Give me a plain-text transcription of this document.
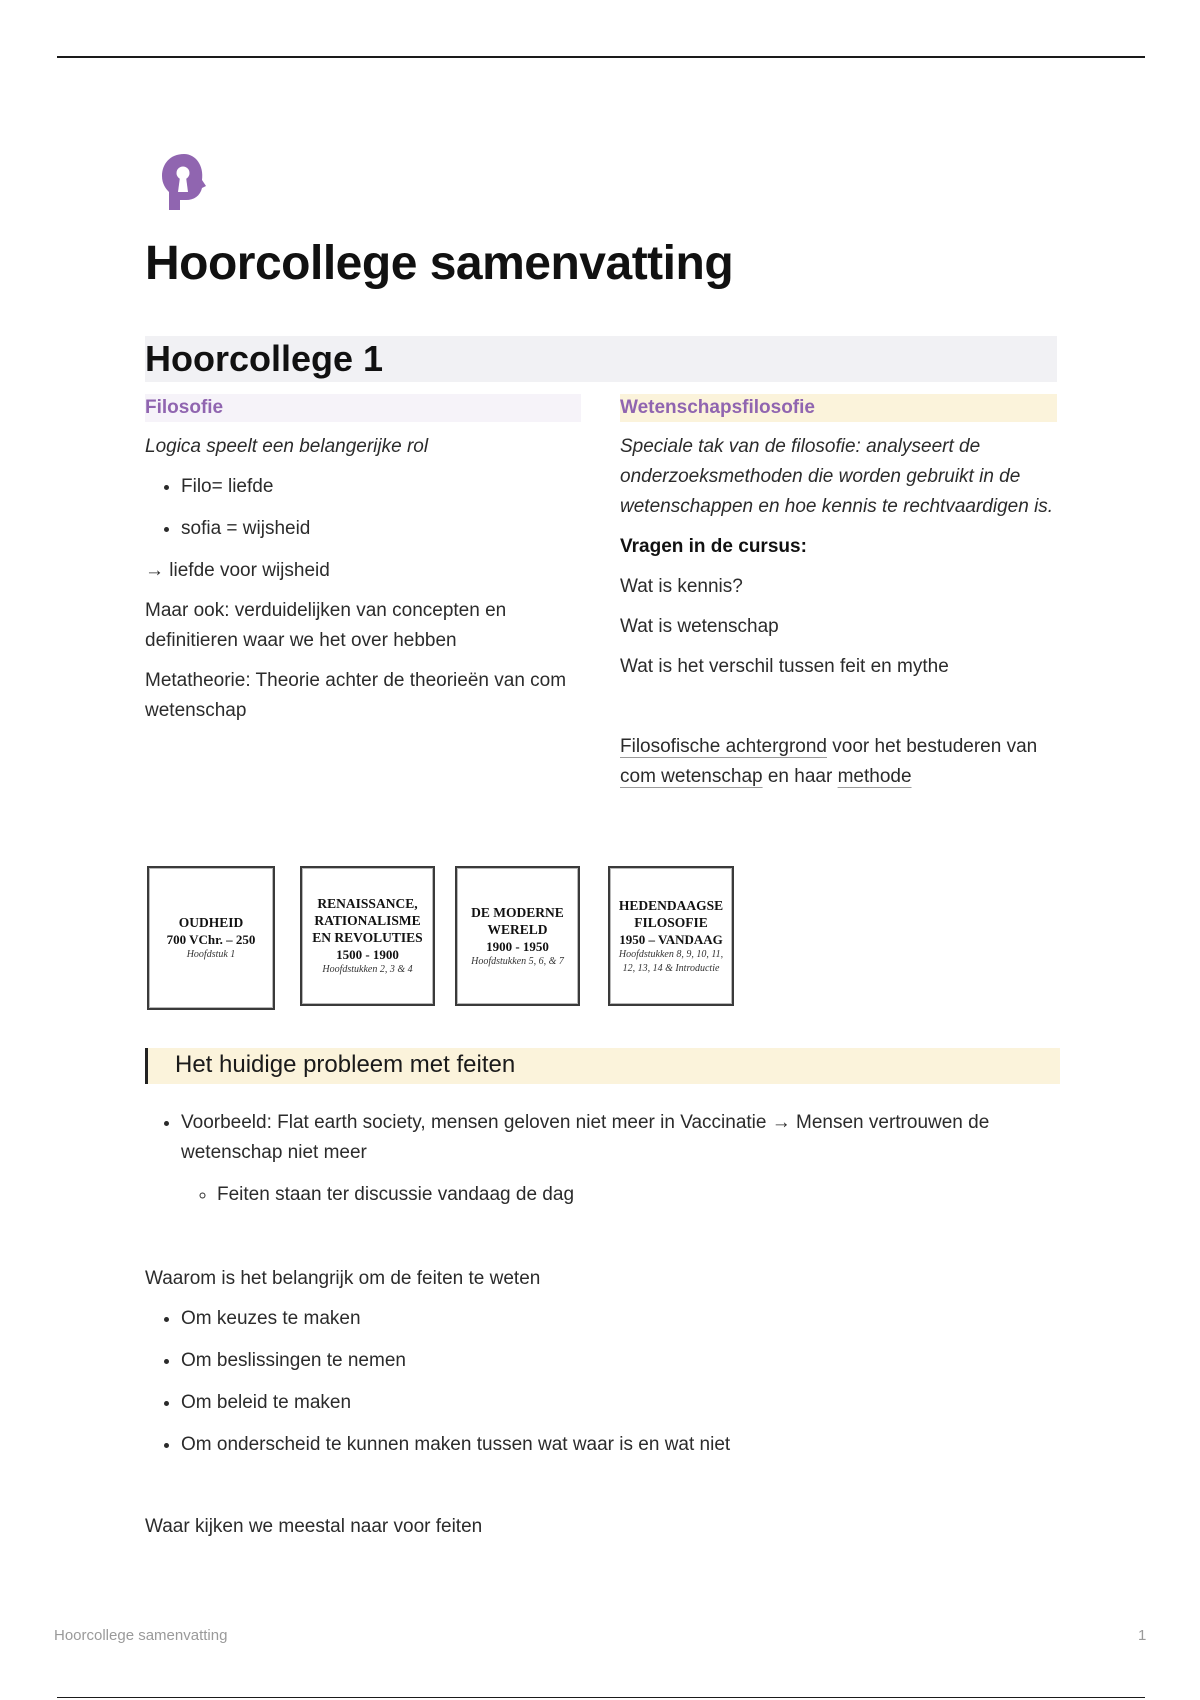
Hoorcollege samenvatting
Hoorcollege 1
Filosofie

Logica speelt een belangerijke rol

• Filo= liefde
• sofia = wijsheid

→ liefde voor wijsheid

Maar ook: verduidelijken van concepten en definitieren waar we het over hebben

Metatheorie: Theorie achter de theorieën van com wetenschap

Wetenschapsfilosofie

Speciale tak van de filosofie: analyseert de onderzoeksmethoden die worden gebruikt in de wetenschappen en hoe kennis te rechtvaardigen is.

Vragen in de cursus:

Wat is kennis?

Wat is wetenschap

Wat is het verschil tussen feit en mythe

Filosofische achtergrond voor het bestuderen van com wetenschap en haar methode

OUDHEID
700 VChr. – 250
Hoofdstuk 1
RENAISSANCE, RATIONALISME EN REVOLUTIES
1500 - 1900
Hoofdstukken 2, 3 & 4
DE MODERNE WERELD
1900 - 1950
Hoofdstukken 5, 6, & 7
HEDENDAAGSE FILOSOFIE
1950 – VANDAAG
Hoofdstukken 8, 9, 10, 11, 12, 13, 14 & Introductie
Het huidige probleem met feiten
• Voorbeeld: Flat earth society, mensen geloven niet meer in Vaccinatie → Mensen vertrouwen de wetenschap niet meer
◦ Feiten staan ter discussie vandaag de dag

Waarom is het belangrijk om de feiten te weten

• Om keuzes te maken
• Om beslissingen te nemen
• Om beleid te maken
• Om onderscheid te kunnen maken tussen wat waar is en wat niet

Waar kijken we meestal naar voor feiten

Hoorcollege samenvatting	1
